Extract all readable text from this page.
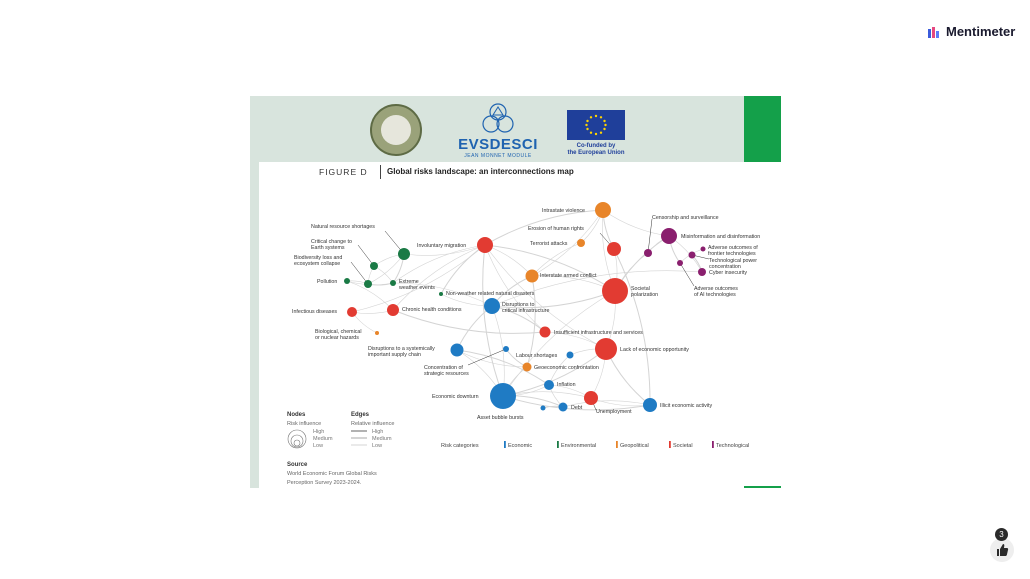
Mentimeter
EVSDESCI
JEAN MONNET MODULE
Co-funded by
the European Union
FIGURE D Global risks landscape: an interconnections map
Intrastate violence
Censorship and surveillance
Erosion of human rights
Misinformation and disinformation
Terrorist attacks
Adverse outcomes of frontier technologies
Technological power concentration
Cyber insecurity
Natural resource shortages
Involuntary migration
Critical change to Earth systems
Biodiversity loss and ecosystem collapse
Interstate armed conflict
Adverse outcomes of AI technologies
Societal polarization
Pollution	Extreme weather events
Non-weather related natural disasters
Disruptions to critical infrastructure
Infectious diseases	Chronic health conditions
Insufficient infrastructure and services
Biological, chemical or nuclear hazards
Disruptions to a systemically important supply chain
Lack of economic opportunity
Labour shortages
Concentration of strategic resources
Geoeconomic confrontation
Inflation
Economic downturn
Unemployment
Illicit economic activity
Debt
Asset bubble bursts
Nodes
Risk influence
High
Medium
Low
Edges
Relative influence
High
Medium
Low	Risk categories	Economic	Environmental	Geopolitical	Societal	Technological
Source
World Economic Forum Global Risks
Perception Survey 2023-2024.
3
